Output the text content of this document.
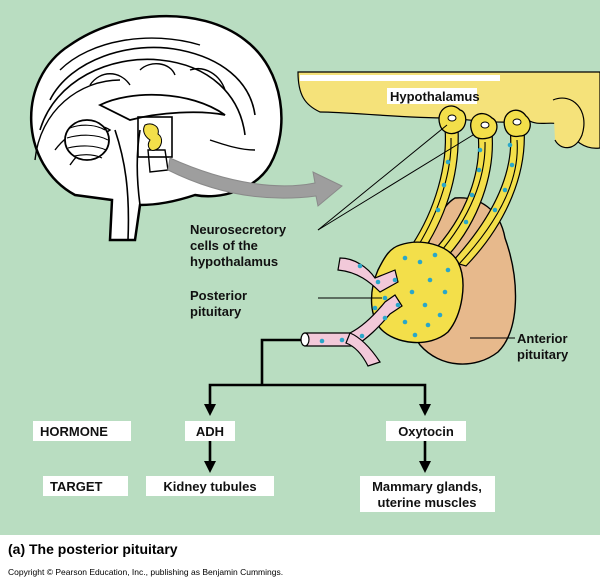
Hypothalamus
Neurosecretory
cells of the
hypothalamus
Posterior
pituitary
Anterior
pituitary
HORMONE
TARGET
ADH	Oxytocin
Kidney tubules	Mammary glands,
uterine muscles
(a) The posterior pituitary
Copyright © Pearson Education, Inc., publishing as Benjamin Cummings.
